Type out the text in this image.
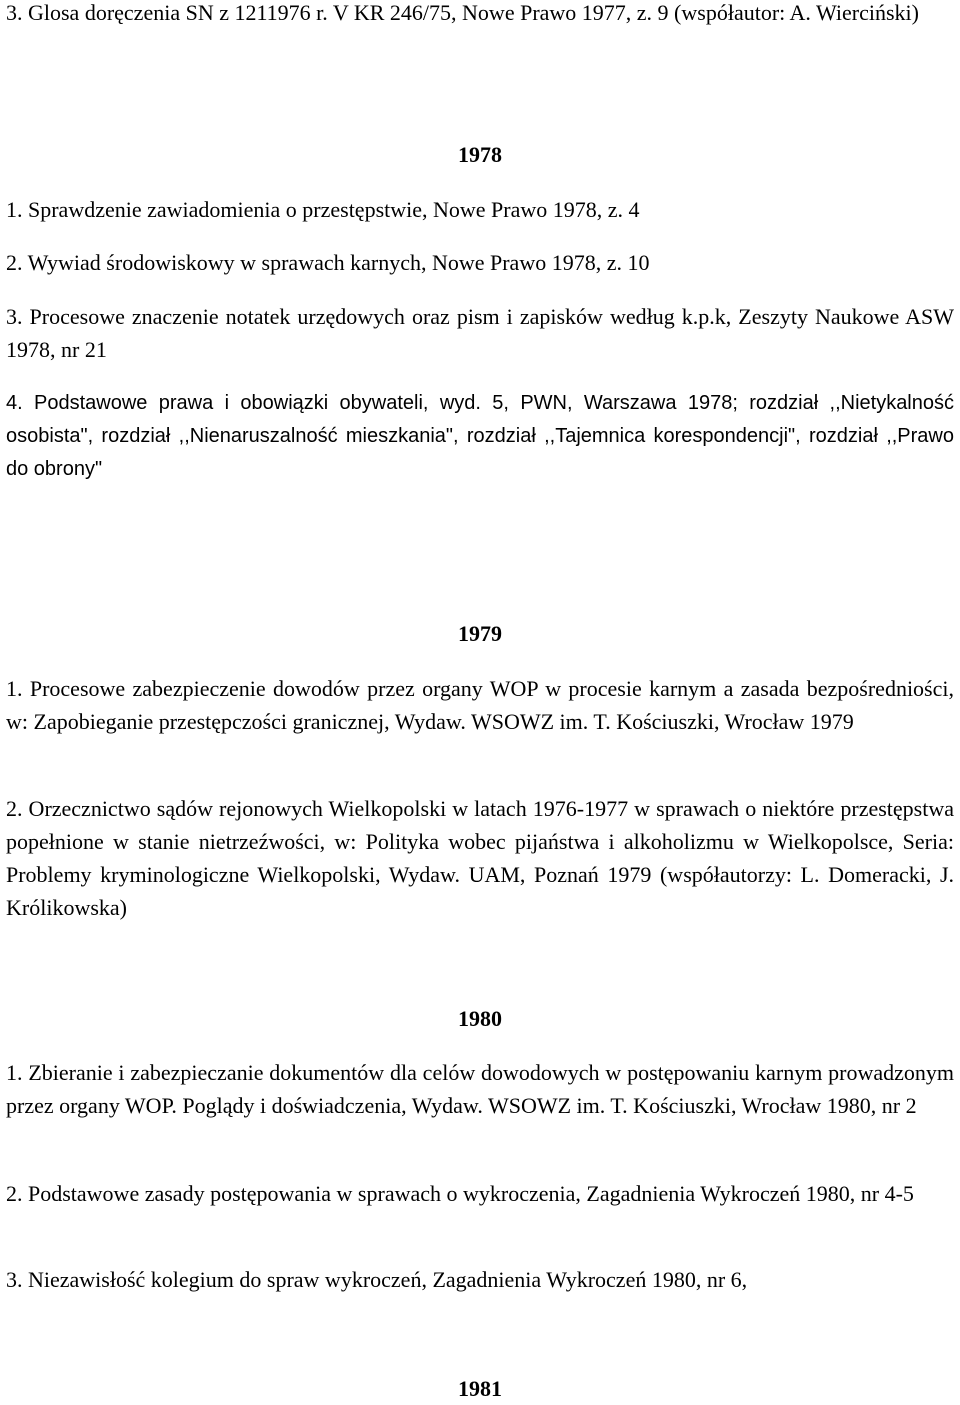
3. Glosa doręczenia SN z 1211976 r. V KR 246/75, Nowe Prawo 1977, z. 9 (współautor: A. Wierciński)

1978

1. Sprawdzenie zawiadomienia o przestępstwie, Nowe Prawo 1978, z. 4

2. Wywiad środowiskowy w sprawach karnych, Nowe Prawo 1978, z. 10

3. Procesowe znaczenie notatek urzędowych oraz pism i zapisków według k.p.k, Zeszyty Naukowe ASW 1978, nr 21

4. Podstawowe prawa i obowiązki obywateli, wyd. 5, PWN, Warszawa 1978; rozdział ,,Nietykalność osobista", rozdział ,,Nienaruszalność mieszkania", rozdział ,,Tajemnica korespondencji", rozdział ,,Prawo do obrony"

1979

1. Procesowe zabezpieczenie dowodów przez organy WOP w procesie karnym a zasada bezpośredniości, w: Zapobieganie przestępczości granicznej, Wydaw. WSOWZ im. T. Kościuszki, Wrocław 1979

2. Orzecznictwo sądów rejonowych Wielkopolski w latach 1976-1977 w sprawach o niektóre przestępstwa popełnione w stanie nietrzeźwości, w: Polityka wobec pijaństwa i alkoholizmu w Wielkopolsce, Seria: Problemy kryminologiczne Wielkopolski, Wydaw. UAM, Poznań 1979 (współautorzy: L. Domeracki, J. Królikowska)

1980

1. Zbieranie i zabezpieczanie dokumentów dla celów dowodowych w postępowaniu karnym prowadzonym przez organy WOP. Poglądy i doświadczenia, Wydaw. WSOWZ im. T. Kościuszki, Wrocław 1980, nr 2

2. Podstawowe zasady postępowania w sprawach o wykroczenia, Zagadnienia Wykroczeń 1980, nr 4-5

3. Niezawisłość kolegium do spraw wykroczeń, Zagadnienia Wykroczeń 1980, nr 6,

1981
